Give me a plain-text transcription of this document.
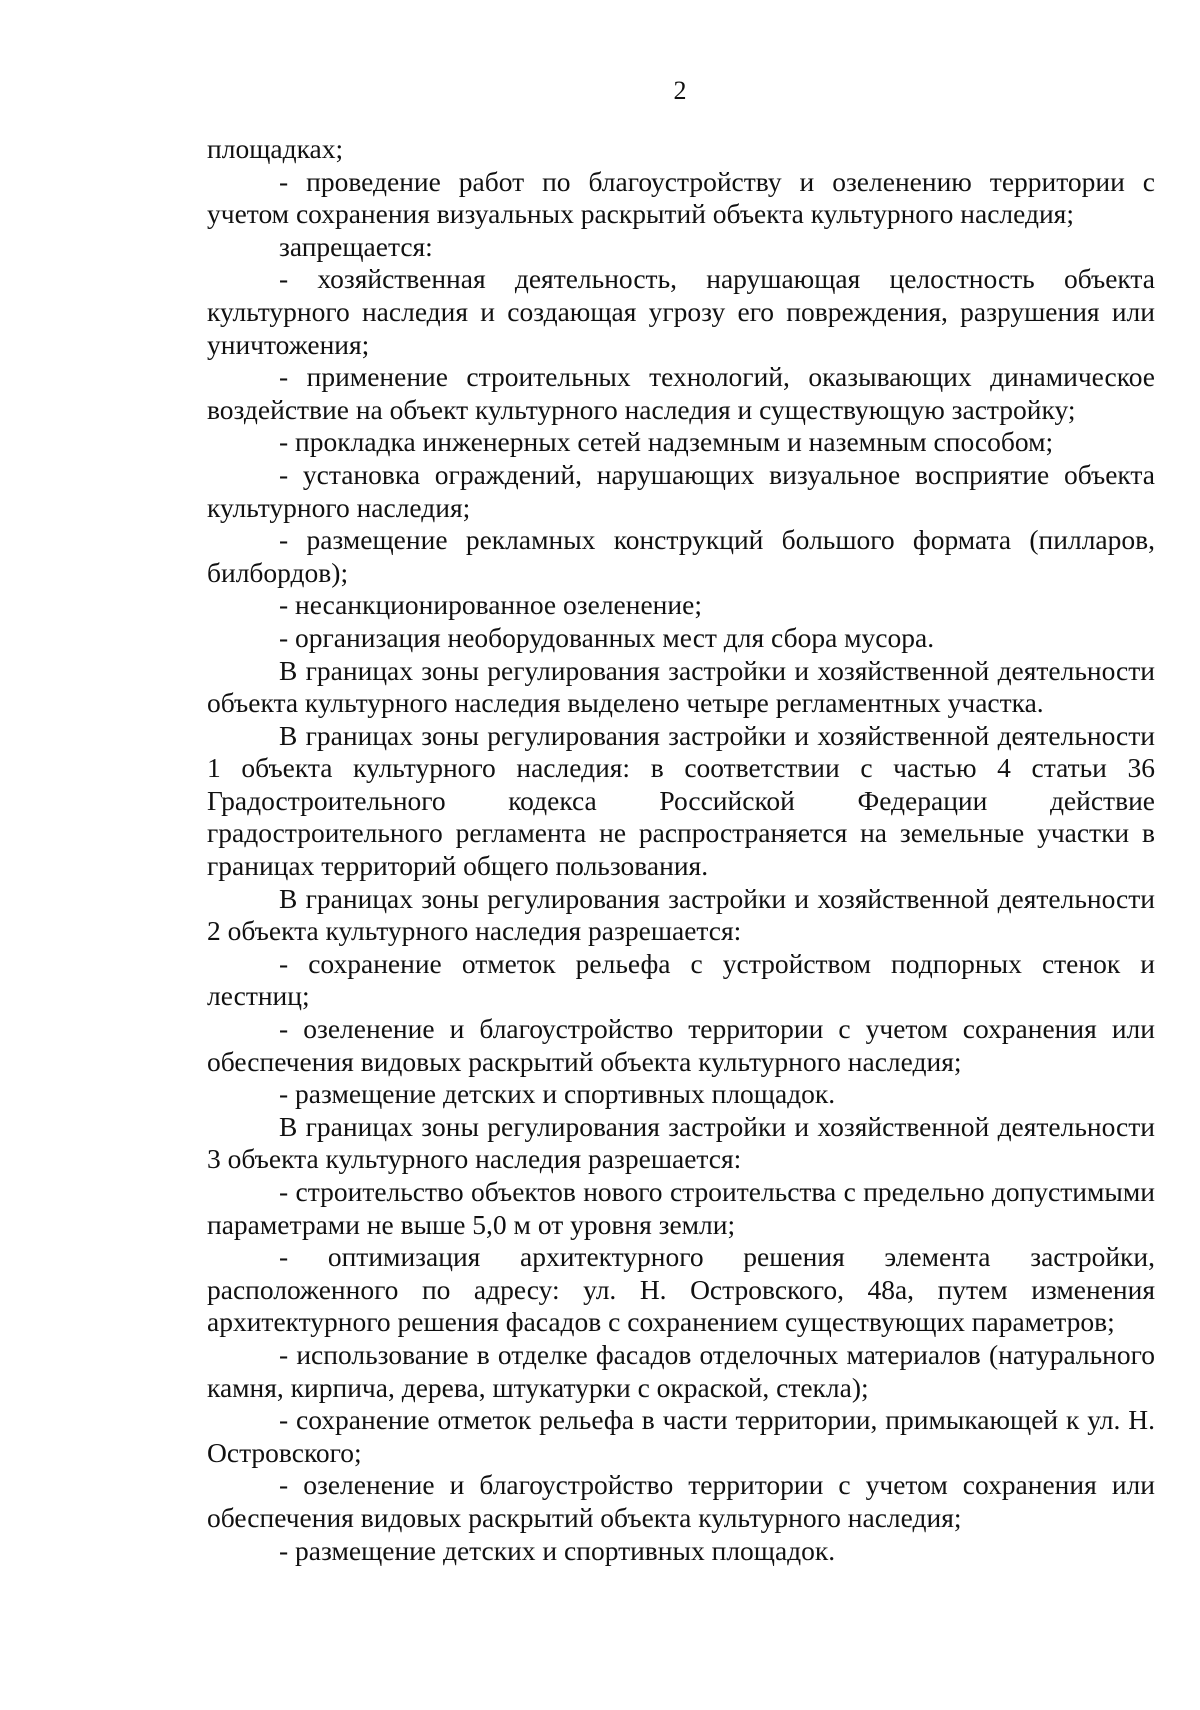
2

площадках;

- проведение работ по благоустройству и озеленению территории с учетом сохранения визуальных раскрытий объекта культурного наследия;

запрещается:

- хозяйственная деятельность, нарушающая целостность объекта культурного наследия и создающая угрозу его повреждения, разрушения или уничтожения;

- применение строительных технологий, оказывающих динамическое воздействие на объект культурного наследия и существующую застройку;

- прокладка инженерных сетей надземным и наземным способом;

- установка ограждений, нарушающих визуальное восприятие объекта культурного наследия;

- размещение рекламных конструкций большого формата (пилларов, билбордов);

- несанкционированное озеленение;

- организация необорудованных мест для сбора мусора.

В границах зоны регулирования застройки и хозяйственной деятельности объекта культурного наследия выделено четыре регламентных участка.

В границах зоны регулирования застройки и хозяйственной деятельности 1 объекта культурного наследия: в соответствии с частью 4 статьи 36 Градостроительного кодекса Российской Федерации действие градостроительного регламента не распространяется на земельные участки в границах территорий общего пользования.

В границах зоны регулирования застройки и хозяйственной деятельности 2 объекта культурного наследия разрешается:

- сохранение отметок рельефа с устройством подпорных стенок и лестниц;

- озеленение и благоустройство территории с учетом сохранения или обеспечения видовых раскрытий объекта культурного наследия;

- размещение детских и спортивных площадок.

В границах зоны регулирования застройки и хозяйственной деятельности 3 объекта культурного наследия разрешается:

- строительство объектов нового строительства с предельно допустимыми параметрами не выше 5,0 м от уровня земли;

- оптимизация архитектурного решения элемента застройки, расположенного по адресу: ул. Н. Островского, 48а, путем изменения архитектурного решения фасадов с сохранением существующих параметров;

- использование в отделке фасадов отделочных материалов (натурального камня, кирпича, дерева, штукатурки с окраской, стекла);

- сохранение отметок рельефа в части территории, примыкающей к ул. Н. Островского;

- озеленение и благоустройство территории с учетом сохранения или обеспечения видовых раскрытий объекта культурного наследия;

- размещение детских и спортивных площадок.
